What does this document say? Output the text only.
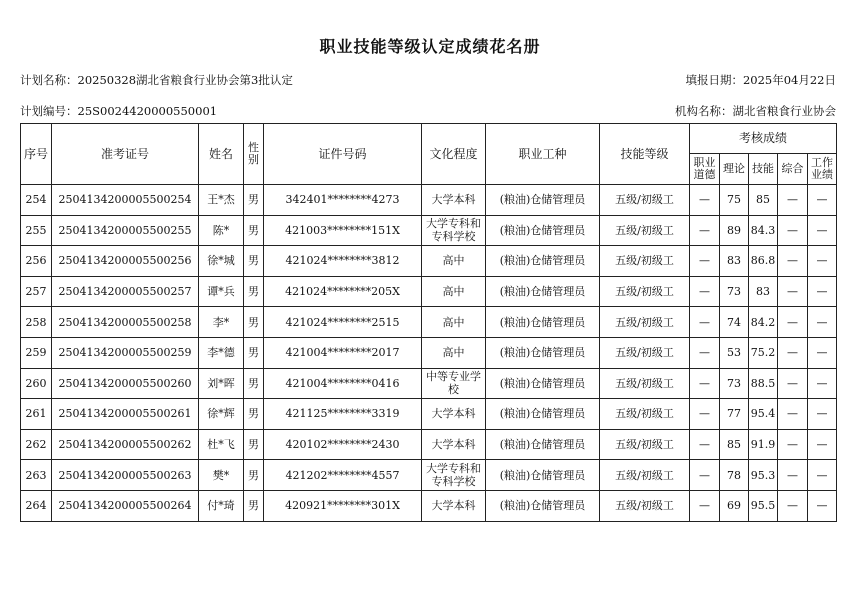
职业技能等级认定成绩花名册
计划名称：20250328湖北省粮食行业协会第3批认定	填报日期：2025年04月22日
计划编号：25S0024420000550001	机构名称：湖北省粮食行业协会
序号	准考证号	姓名	性别	证件号码	文化程度	职业工种	技能等级	考核成绩				
								职业道德	理论	技能	综合	工作业绩
254	2504134200005500254	王*杰	男	342401********4273	大学本科	(粮油)仓储管理员	五级/初级工	—	75	85	—	—
255	2504134200005500255	陈*	男	421003********151X	大学专科和专科学校	(粮油)仓储管理员	五级/初级工	—	89	84.3	—	—
256	2504134200005500256	徐*城	男	421024********3812	高中	(粮油)仓储管理员	五级/初级工	—	83	86.8	—	—
257	2504134200005500257	谭*兵	男	421024********205X	高中	(粮油)仓储管理员	五级/初级工	—	73	83	—	—
258	2504134200005500258	李*	男	421024********2515	高中	(粮油)仓储管理员	五级/初级工	—	74	84.2	—	—
259	2504134200005500259	李*德	男	421004********2017	高中	(粮油)仓储管理员	五级/初级工	—	53	75.2	—	—
260	2504134200005500260	刘*晖	男	421004********0416	中等专业学校	(粮油)仓储管理员	五级/初级工	—	73	88.5	—	—
261	2504134200005500261	徐*辉	男	421125********3319	大学本科	(粮油)仓储管理员	五级/初级工	—	77	95.4	—	—
262	2504134200005500262	杜*飞	男	420102********2430	大学本科	(粮油)仓储管理员	五级/初级工	—	85	91.9	—	—
263	2504134200005500263	樊*	男	421202********4557	大学专科和专科学校	(粮油)仓储管理员	五级/初级工	—	78	95.3	—	—
264	2504134200005500264	付*琦	男	420921********301X	大学本科	(粮油)仓储管理员	五级/初级工	—	69	95.5	—	—
